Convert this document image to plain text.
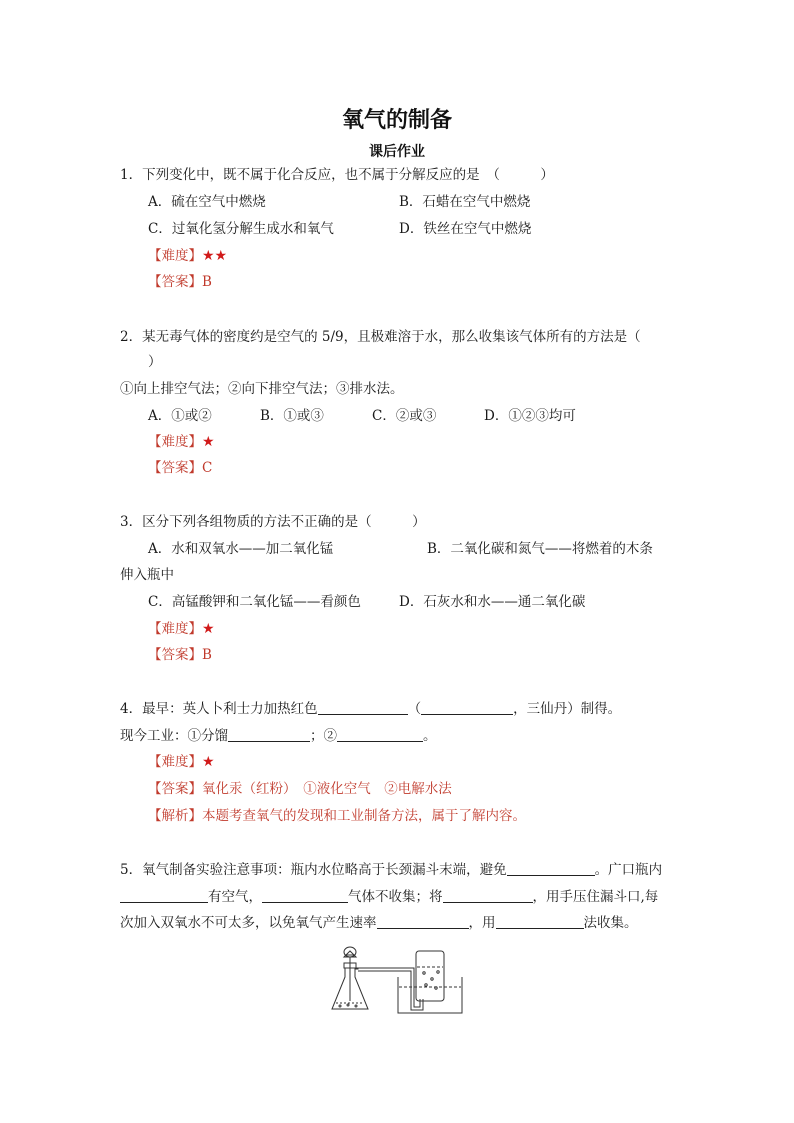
氧气的制备
课后作业
1．下列变化中，既不属于化合反应，也不属于分解反应的是　（　　　）
A．硫在空气中燃烧	B．石蜡在空气中燃烧
C．过氧化氢分解生成水和氧气	D．铁丝在空气中燃烧
【难度】★★
【答案】B
2．某无毒气体的密度约是空气的 5/9，且极难溶于水，那么收集该气体所有的方法是（
）
①向上排空气法；②向下排空气法；③排水法。
A．①或②	B．①或③	C．②或③	D．①②③均可
【难度】★
【答案】C
3．区分下列各组物质的方法不正确的是（　　　）
A．水和双氧水——加二氧化锰	B．二氧化碳和氮气——将燃着的木条
伸入瓶中
C．高锰酸钾和二氧化锰——看颜色	D．石灰水和水——通二氧化碳
【难度】★
【答案】B
4．最早：英人卜利士力加热红色	（	，三仙丹）制得。
现今工业：①分馏	；②	。
【难度】★
【答案】氧化汞（红粉）　①液化空气　②电解水法
【解析】本题考查氧气的发现和工业制备方法，属于了解内容。
5．氧气制备实验注意事项：瓶内水位略高于长颈漏斗末端，避免	。广口瓶内
有空气，	气体不收集；将	，用手压住漏斗口,每
次加入双氧水不可太多，以免氧气产生速率	，用	法收集。
